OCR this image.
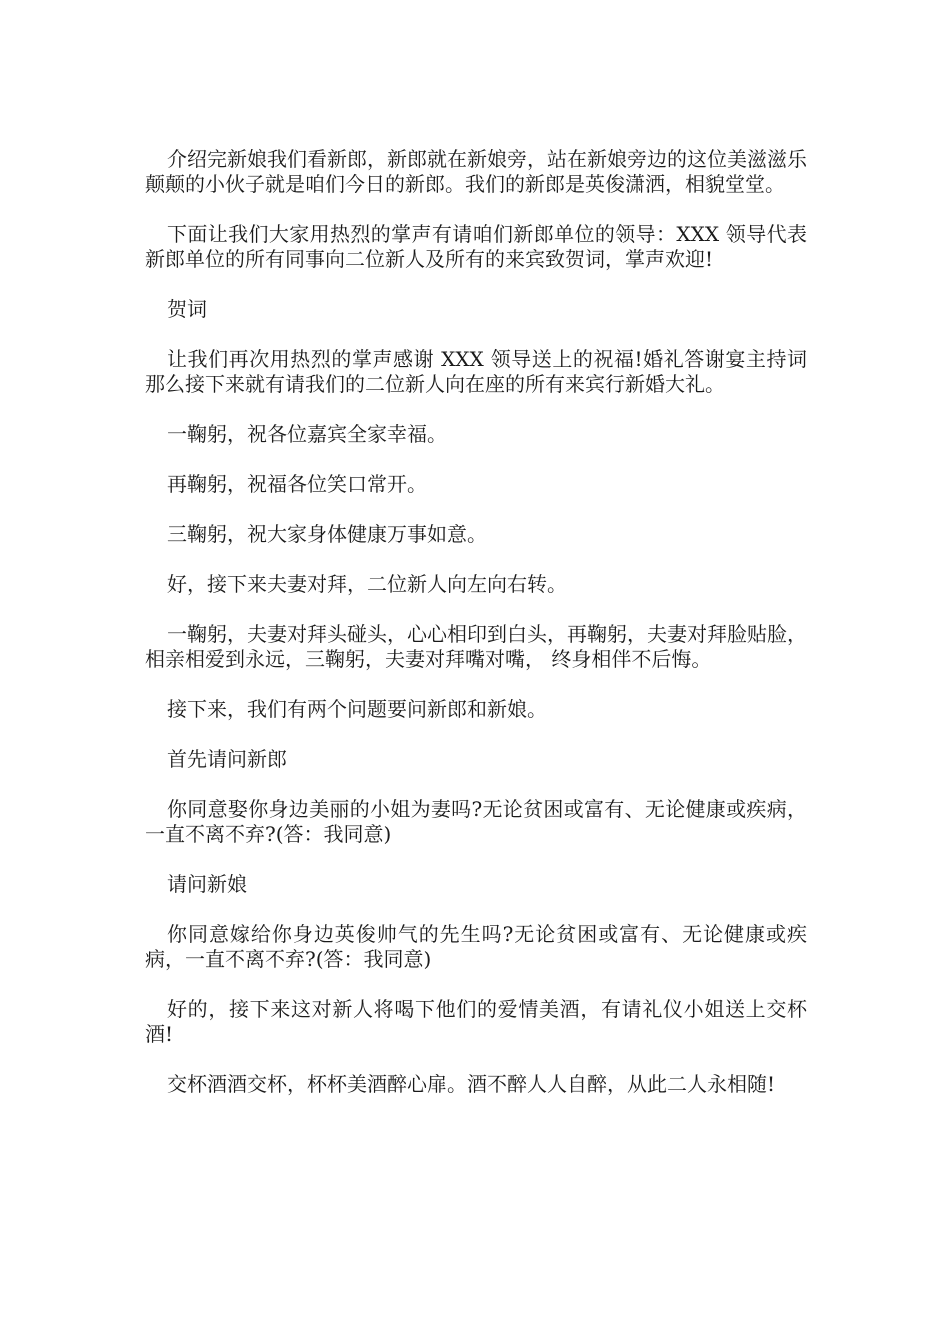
介绍完新娘我们看新郎，新郎就在新娘旁，站在新娘旁边的这位美滋滋乐颠颠的小伙子就是咱们今日的新郎。我们的新郎是英俊潇洒，相貌堂堂。

下面让我们大家用热烈的掌声有请咱们新郎单位的领导：XXX 领导代表新郎单位的所有同事向二位新人及所有的来宾致贺词，掌声欢迎!

贺词

让我们再次用热烈的掌声感谢 XXX 领导送上的祝福!婚礼答谢宴主持词那么接下来就有请我们的二位新人向在座的所有来宾行新婚大礼。

一鞠躬，祝各位嘉宾全家幸福。

再鞠躬，祝福各位笑口常开。

三鞠躬，祝大家身体健康万事如意。

好，接下来夫妻对拜，二位新人向左向右转。

一鞠躬，夫妻对拜头碰头，心心相印到白头，再鞠躬，夫妻对拜脸贴脸，相亲相爱到永远，三鞠躬，夫妻对拜嘴对嘴， 终身相伴不后悔。

接下来，我们有两个问题要问新郎和新娘。

首先请问新郎

你同意娶你身边美丽的小姐为妻吗?无论贫困或富有、无论健康或疾病，一直不离不弃?(答：我同意)

请问新娘

你同意嫁给你身边英俊帅气的先生吗?无论贫困或富有、无论健康或疾病，一直不离不弃?(答：我同意)

好的，接下来这对新人将喝下他们的爱情美酒，有请礼仪小姐送上交杯酒!

交杯酒酒交杯，杯杯美酒醉心扉。酒不醉人人自醉，从此二人永相随!
